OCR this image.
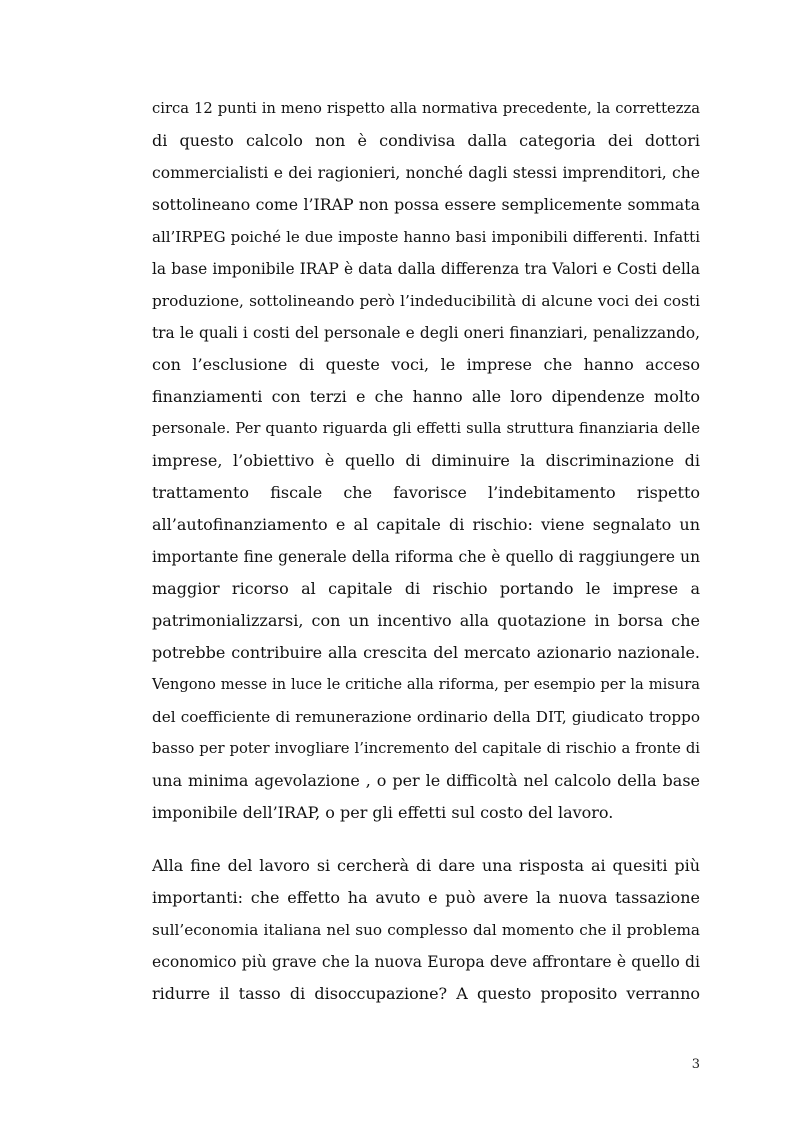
circa 12 punti in meno rispetto alla normativa precedente, la correttezza
di questo calcolo non è condivisa dalla categoria dei dottori
commercialisti e dei ragionieri, nonché dagli stessi imprenditori, che
sottolineano come l’IRAP non possa essere semplicemente sommata
all’IRPEG poiché le due imposte hanno basi imponibili differenti. Infatti
la base imponibile IRAP è data dalla differenza tra Valori e Costi della
produzione, sottolineando però l’indeducibilità di alcune voci dei costi
tra le quali i costi del personale e degli oneri finanziari, penalizzando,
con l’esclusione di queste voci, le imprese che hanno acceso
finanziamenti con terzi e che hanno alle loro dipendenze molto
personale. Per quanto riguarda gli effetti sulla struttura finanziaria delle
imprese, l’obiettivo è quello di diminuire la discriminazione di
trattamento fiscale che favorisce l’indebitamento rispetto
all’autofinanziamento e al capitale di rischio: viene segnalato un
importante fine generale della riforma che è quello di raggiungere un
maggior ricorso al capitale di rischio portando le imprese a
patrimonializzarsi, con un incentivo alla quotazione in borsa che
potrebbe contribuire alla crescita del mercato azionario nazionale.
Vengono messe in luce le critiche alla riforma, per esempio per la misura
del coefficiente di remunerazione ordinario della DIT, giudicato troppo
basso per poter invogliare l’incremento del capitale di rischio a fronte di
una minima agevolazione , o per le difficoltà nel calcolo della base
imponibile dell’IRAP, o per gli effetti sul costo del lavoro.
Alla fine del lavoro si cercherà di dare una risposta ai quesiti più
importanti: che effetto ha avuto e può avere la nuova tassazione
sull’economia italiana nel suo complesso dal momento che il problema
economico più grave che la nuova Europa deve affrontare è quello di
ridurre il tasso di disoccupazione? A questo proposito verranno
3
